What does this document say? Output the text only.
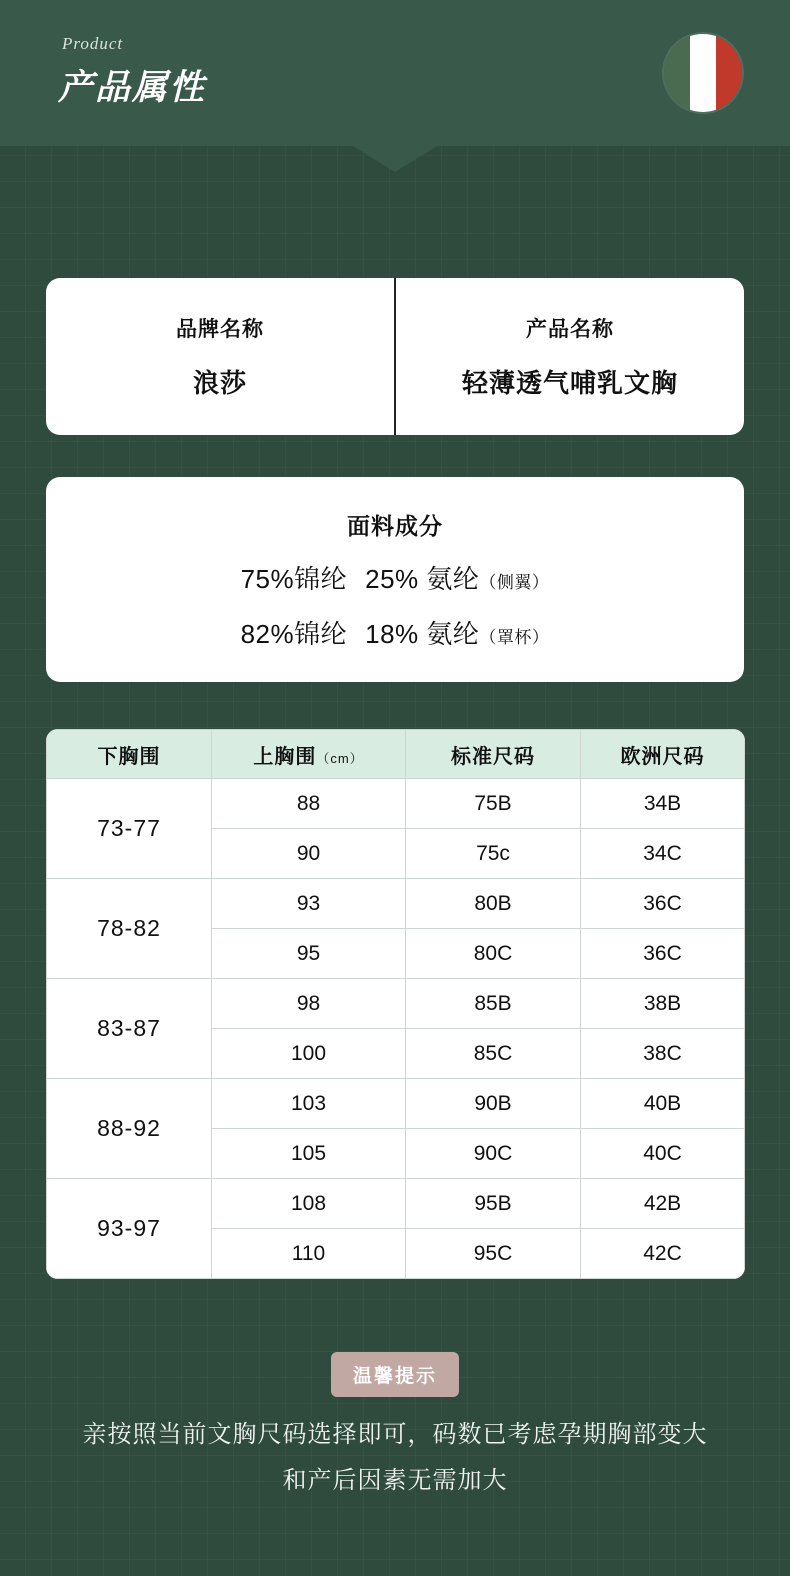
Product
产品属性
品牌名称
浪莎
产品名称
轻薄透气哺乳文胸
面料成分
75%锦纶 25% 氨纶 （侧翼）
82%锦纶 18% 氨纶 （罩杯）
下胸围	上胸围（cm）	标准尺码	欧洲尺码
73-77	88	75B	34B
	90	75c	34C
78-82	93	80B	36C
	95	80C	36C
83-87	98	85B	38B
	100	85C	38C
88-92	103	90B	40B
	105	90C	40C
93-97	108	95B	42B
	110	95C	42C
温馨提示
亲按照当前文胸尺码选择即可，码数已考虑孕期胸部变大
和产后因素无需加大
